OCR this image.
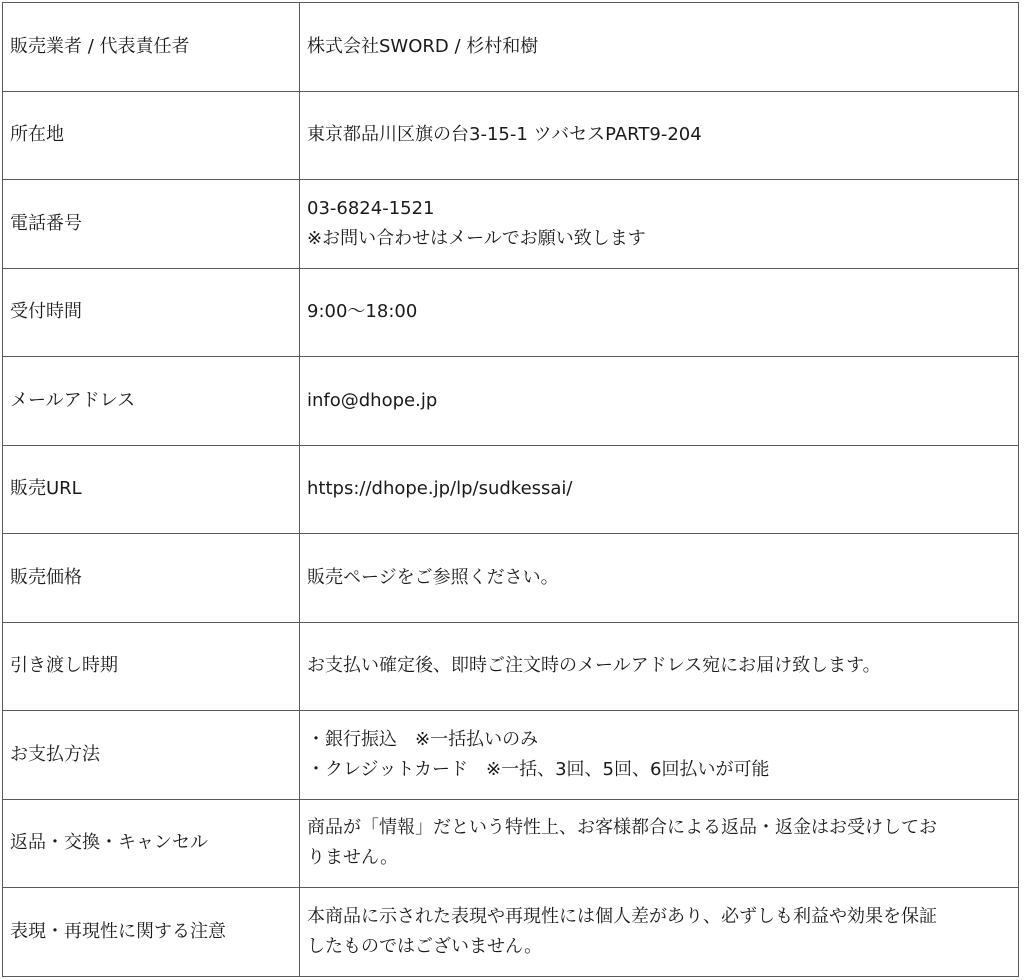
販売業者 / 代表責任者	株式会社SWORD / 杉村和樹

所在地	東京都品川区旗の台3-15-1 ツバセスPART9-204

電話番号	03-6824-1521
※お問い合わせはメールでお願い致します

受付時間	9:00〜18:00

メールアドレス	info@dhope.jp

販売URL	https://dhope.jp/lp/sudkessai/

販売価格	販売ページをご参照ください。

引き渡し時期	お支払い確定後、即時ご注文時のメールアドレス宛にお届け致します。

お支払方法	・銀行振込　※一括払いのみ
・クレジットカード　※一括、3回、5回、6回払いが可能

返品・交換・キャンセル	商品が「情報」だという特性上、お客様都合による返品・返金はお受けしてお
りません。

表現・再現性に関する注意	本商品に示された表現や再現性には個人差があり、必ずしも利益や効果を保証
したものではございません。
